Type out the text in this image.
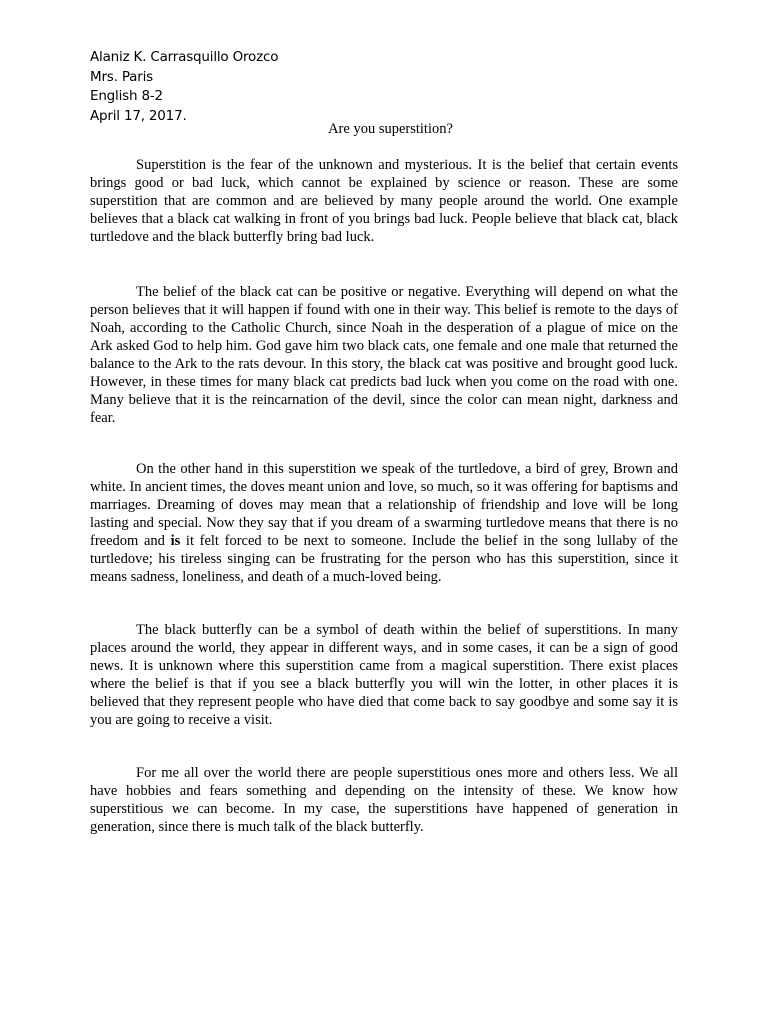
Alaniz K. Carrasquillo Orozco
Mrs. Paris
English 8-2
April 17, 2017.
Are you superstition?

Superstition is the fear of the unknown and mysterious. It is the belief that certain events brings good or bad luck, which cannot be explained by science or reason. These are some superstition that are common and are believed by many people around the world. One example believes that a black cat walking in front of you brings bad luck. People believe that black cat, black turtledove and the black butterfly bring bad luck.

The belief of the black cat can be positive or negative. Everything will depend on what the person believes that it will happen if found with one in their way. This belief is remote to the days of Noah, according to the Catholic Church, since Noah in the desperation of a plague of mice on the Ark asked God to help him. God gave him two black cats, one female and one male that returned the balance to the Ark to the rats devour. In this story, the black cat was positive and brought good luck. However, in these times for many black cat predicts bad luck when you come on the road with one. Many believe that it is the reincarnation of the devil, since the color can mean night, darkness and fear.

On the other hand in this superstition we speak of the turtledove, a bird of grey, Brown and white. In ancient times, the doves meant union and love, so much, so it was offering for baptisms and marriages. Dreaming of doves may mean that a relationship of friendship and love will be long lasting and special. Now they say that if you dream of a swarming turtledove means that there is no freedom and is it felt forced to be next to someone. Include the belief in the song lullaby of the turtledove; his tireless singing can be frustrating for the person who has this superstition, since it means sadness, loneliness, and death of a much-loved being.

The black butterfly can be a symbol of death within the belief of superstitions. In many places around the world, they appear in different ways, and in some cases, it can be a sign of good news. It is unknown where this superstition came from a magical superstition. There exist places where the belief is that if you see a black butterfly you will win the lotter, in other places it is believed that they represent people who have died that come back to say goodbye and some say it is you are going to receive a visit.

For me all over the world there are people superstitious ones more and others less. We all have hobbies and fears something and depending on the intensity of these. We know how superstitious we can become. In my case, the superstitions have happened of generation in generation, since there is much talk of the black butterfly.
